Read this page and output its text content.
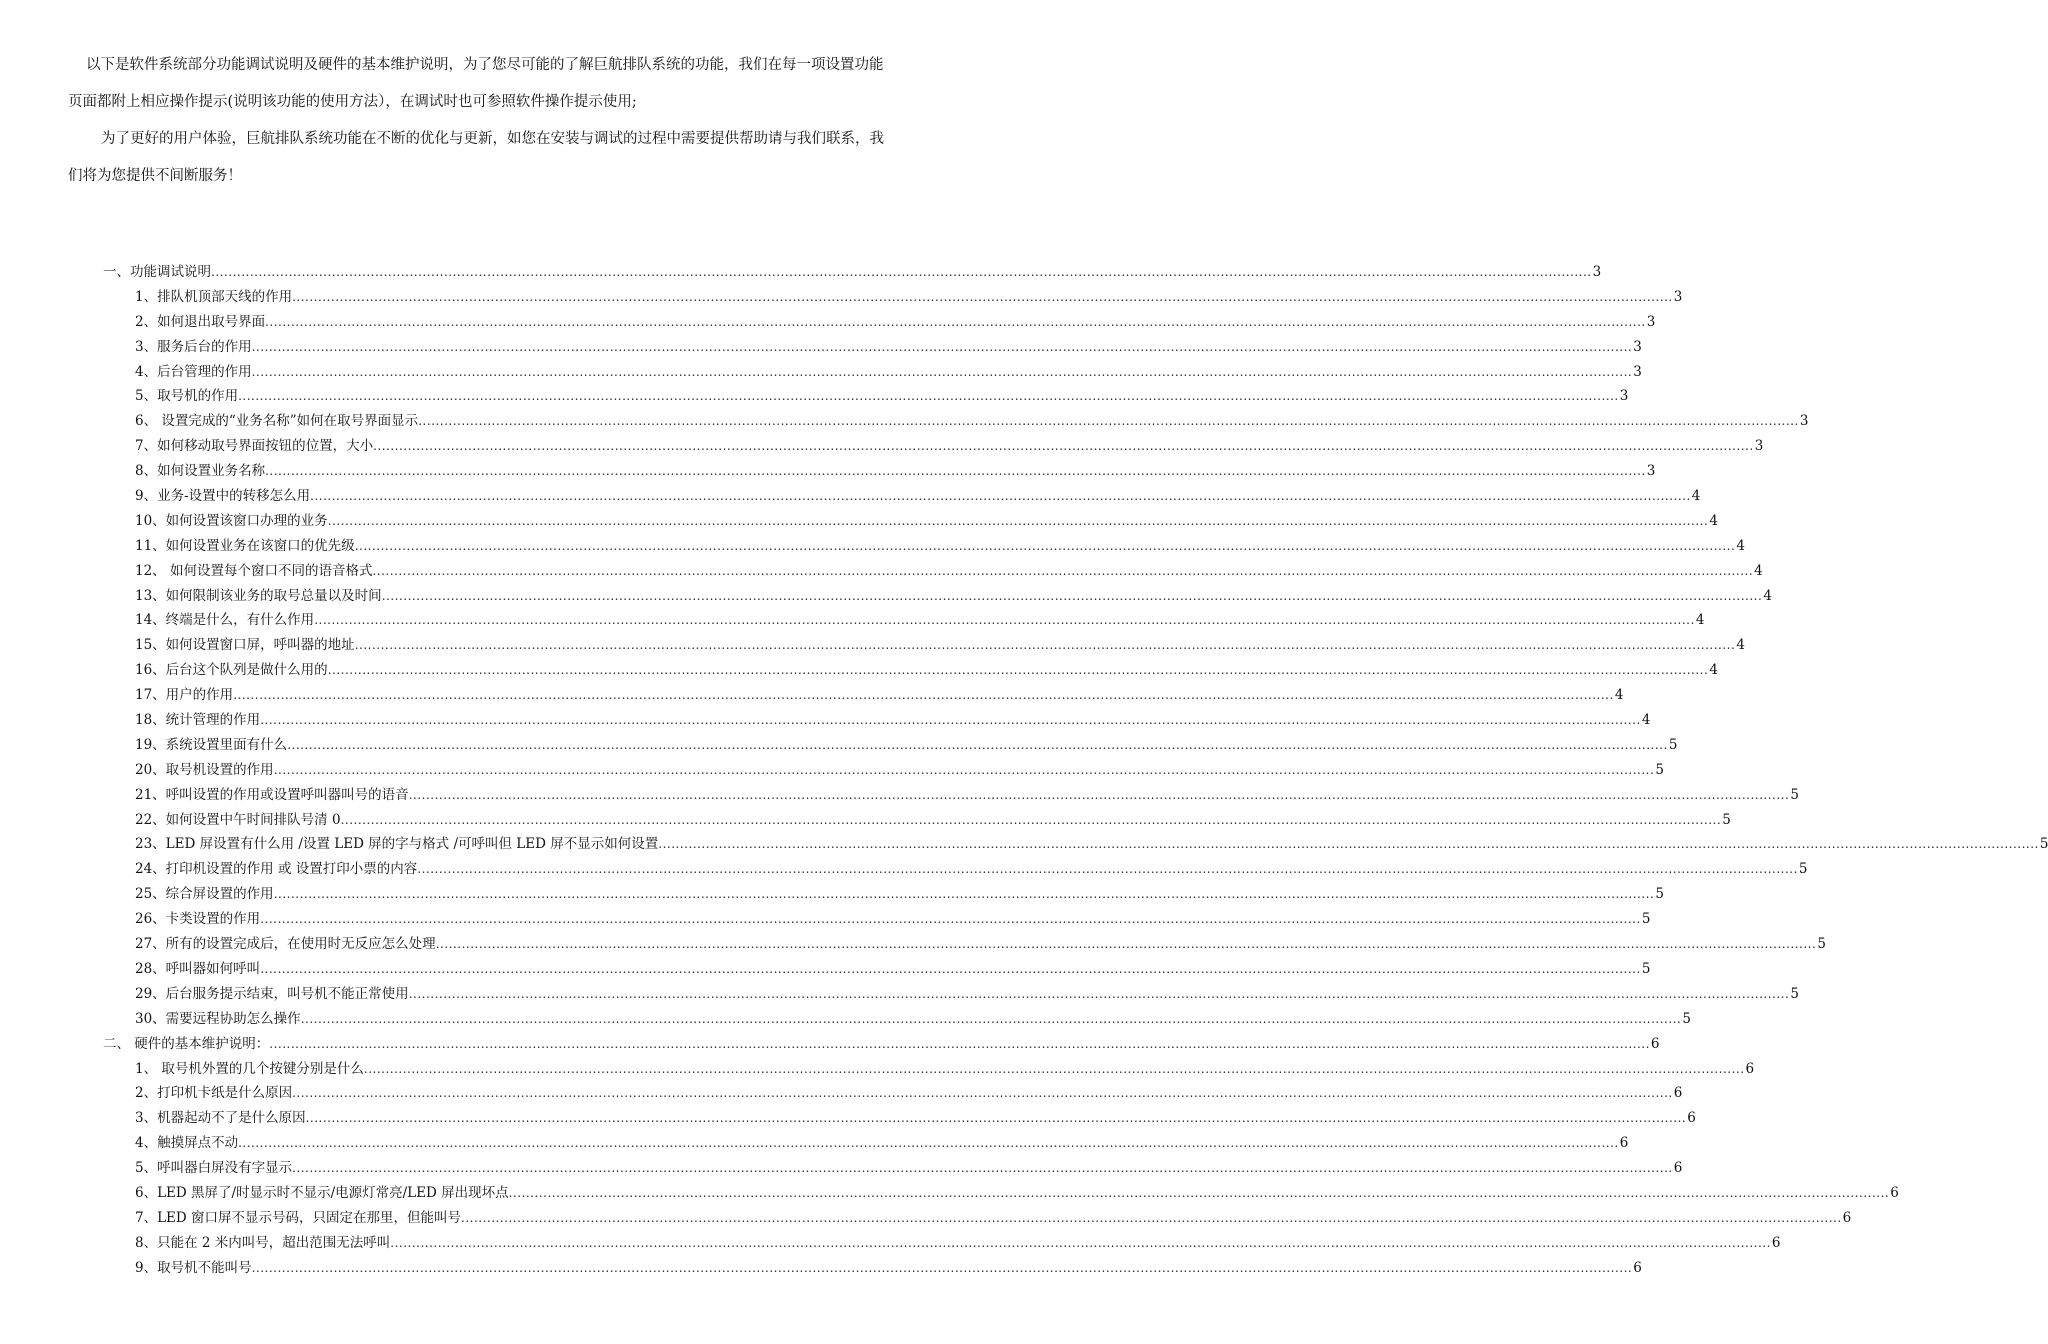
以下是软件系统部分功能调试说明及硬件的基本维护说明，为了您尽可能的了解巨航排队系统的功能，我们在每一项设置功能页面都附上相应操作提示(说明该功能的使用方法），在调试时也可参照软件操作提示使用;

为了更好的用户体验，巨航排队系统功能在不断的优化与更新，如您在安装与调试的过程中需要提供帮助请与我们联系，我们将为您提供不间断服务！

一、功能调试说明 .....	3
1、排队机顶部天线的作用 .....	3
2、如何退出取号界面 .....	3
3、服务后台的作用 .....	3
4、后台管理的作用 .....	3
5、取号机的作用 .....	3
6、 设置完成的“业务名称”如何在取号界面显示 .....	3
7、如何移动取号界面按钮的位置，大小 .....	3
8、如何设置业务名称 .....	3
9、业务-设置中的转移怎么用 .....	4
10、如何设置该窗口办理的业务 .....	4
11、如何设置业务在该窗口的优先级 .....	4
12、 如何设置每个窗口不同的语音格式 .....	4
13、如何限制该业务的取号总量以及时间 .....	4
14、终端是什么，有什么作用 .....	4
15、如何设置窗口屏，呼叫器的地址 .....	4
16、后台这个队列是做什么用的 .....	4
17、用户的作用 .....	4
18、统计管理的作用 .....	4
19、系统设置里面有什么 .....	5
20、取号机设置的作用 .....	5
21、呼叫设置的作用或设置呼叫器叫号的语音 .....	5
22、如何设置中午时间排队号清 0 .....	5
23、LED 屏设置有什么用 /设置 LED 屏的字与格式 /可呼叫但 LED 屏不显示如何设置 .....	5
24、打印机设置的作用 或 设置打印小票的内容 .....	5
25、综合屏设置的作用 .....	5
26、卡类设置的作用 .....	5
27、所有的设置完成后，在使用时无反应怎么处理 .....	5
28、呼叫器如何呼叫 .....	5
29、后台服务提示结束，叫号机不能正常使用 .....	5
30、需要远程协助怎么操作 .....	5
二、 硬件的基本维护说明： .....	6
1、 取号机外置的几个按键分别是什么 .....	6
2、打印机卡纸是什么原因 .....	6
3、机器起动不了是什么原因 .....	6
4、触摸屏点不动 .....	6
5、呼叫器白屏没有字显示 .....	6
6、LED 黑屏了/时显示时不显示/电源灯常亮/LED 屏出现坏点 .....	6
7、LED 窗口屏不显示号码，只固定在那里，但能叫号 .....	6
8、只能在 2 米内叫号，超出范围无法呼叫 .....	6
9、取号机不能叫号 .....	6
